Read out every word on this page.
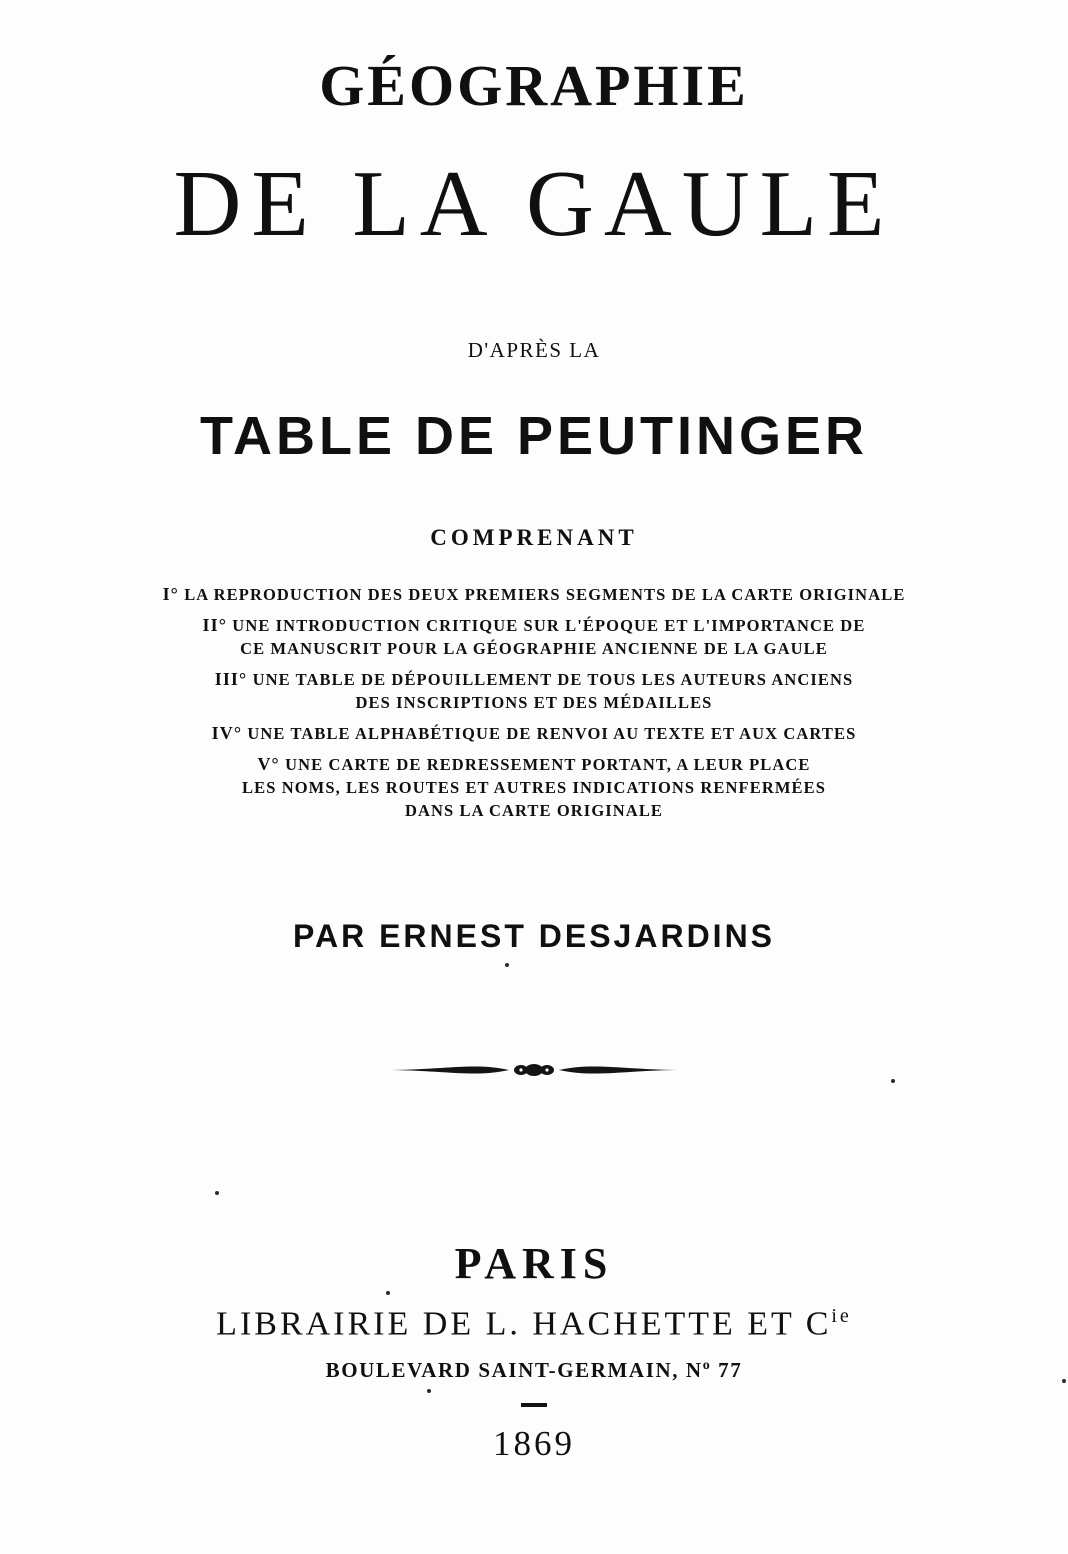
GÉOGRAPHIE
DE LA GAULE
D'APRÈS LA
TABLE DE PEUTINGER
COMPRENANT
I° LA REPRODUCTION DES DEUX PREMIERS SEGMENTS DE LA CARTE ORIGINALE
II° UNE INTRODUCTION CRITIQUE SUR L'ÉPOQUE ET L'IMPORTANCE DE
CE MANUSCRIT POUR LA GÉOGRAPHIE ANCIENNE DE LA GAULE
III° UNE TABLE DE DÉPOUILLEMENT DE TOUS LES AUTEURS ANCIENS
DES INSCRIPTIONS ET DES MÉDAILLES
IV° UNE TABLE ALPHABÉTIQUE DE RENVOI AU TEXTE ET AUX CARTES
V° UNE CARTE DE REDRESSEMENT PORTANT, A LEUR PLACE
LES NOMS, LES ROUTES ET AUTRES INDICATIONS RENFERMÉES
DANS LA CARTE ORIGINALE
PAR ERNEST DESJARDINS
PARIS
LIBRAIRIE DE L. HACHETTE ET $C^{ie}$
BOULEVARD SAINT-GERMAIN, $N^o$ 77
1869
